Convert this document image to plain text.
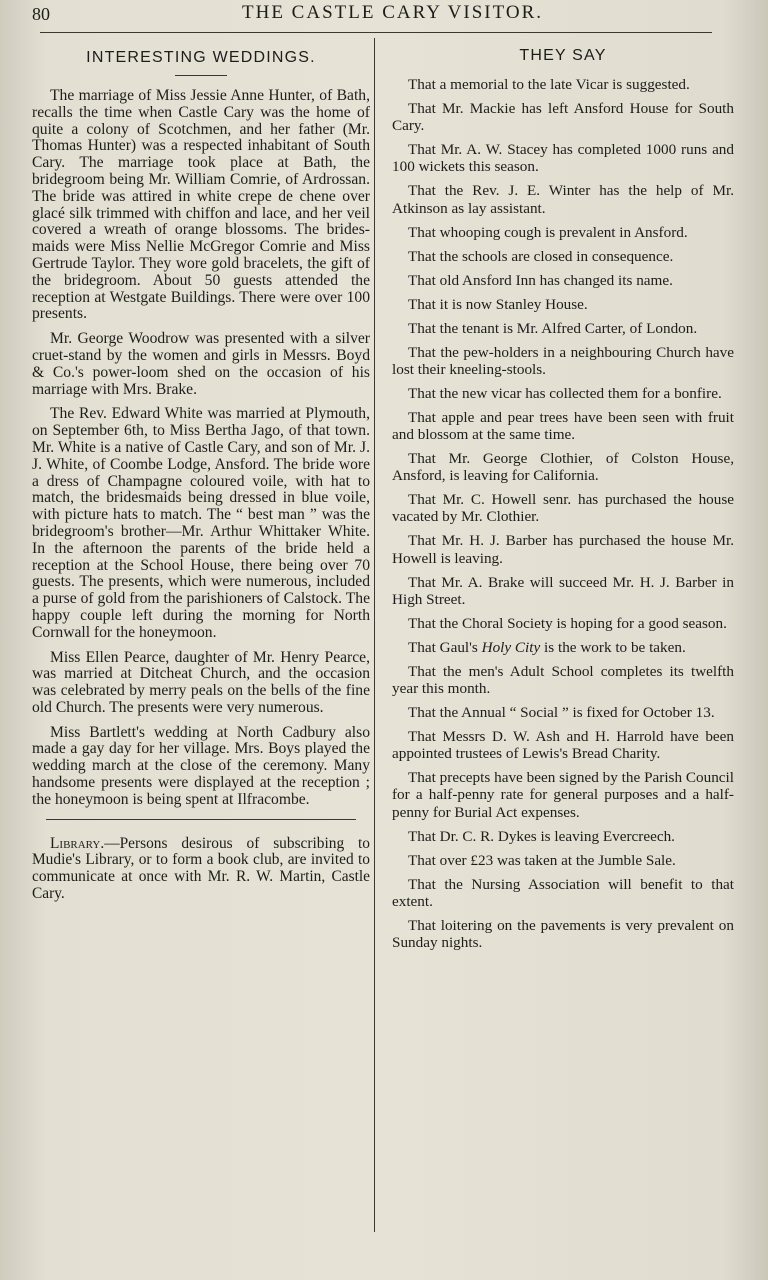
80	THE CASTLE CARY VISITOR.
INTERESTING WEDDINGS.

The marriage of Miss Jessie Anne Hunter, of Bath, recalls the time when Castle Cary was the home of quite a colony of Scotchmen, and her father (Mr. Thomas Hunter) was a respected inhabitant of South Cary. The marriage took place at Bath, the bridegroom being Mr. William Comrie, of Ardrossan. The bride was attired in white crepe de chene over glacé silk trimmed with chiffon and lace, and her veil covered a wreath of orange blossoms. The bridesmaids were Miss Nellie McGregor Comrie and Miss Gertrude Taylor. They wore gold bracelets, the gift of the bridegroom. About 50 guests attended the reception at Westgate Buildings. There were over 100 presents.

Mr. George Woodrow was presented with a silver cruet-stand by the women and girls in Messrs. Boyd & Co.'s power-loom shed on the occasion of his marriage with Mrs. Brake.

The Rev. Edward White was married at Plymouth, on September 6th, to Miss Bertha Jago, of that town. Mr. White is a native of Castle Cary, and son of Mr. J. J. White, of Coombe Lodge, Ansford. The bride wore a dress of Champagne coloured voile, with hat to match, the bridesmaids being dressed in blue voile, with picture hats to match. The “ best man ” was the bridegroom's brother—Mr. Arthur Whittaker White. In the afternoon the parents of the bride held a reception at the School House, there being over 70 guests. The presents, which were numerous, included a purse of gold from the parishioners of Calstock. The happy couple left during the morning for North Cornwall for the honeymoon.

Miss Ellen Pearce, daughter of Mr. Henry Pearce, was married at Ditcheat Church, and the occasion was celebrated by merry peals on the bells of the fine old Church. The presents were very numerous.

Miss Bartlett's wedding at North Cadbury also made a gay day for her village. Mrs. Boys played the wedding march at the close of the ceremony. Many handsome presents were displayed at the reception ; the honeymoon is being spent at Ilfracombe.

Library.—Persons desirous of subscribing to Mudie's Library, or to form a book club, are invited to communicate at once with Mr. R. W. Martin, Castle Cary.

THEY SAY

That a memorial to the late Vicar is suggested.

That Mr. Mackie has left Ansford House for South Cary.

That Mr. A. W. Stacey has completed 1000 runs and 100 wickets this season.

That the Rev. J. E. Winter has the help of Mr. Atkinson as lay assistant.

That whooping cough is prevalent in Ansford.

That the schools are closed in consequence.

That old Ansford Inn has changed its name.

That it is now Stanley House.

That the tenant is Mr. Alfred Carter, of London.

That the pew-holders in a neighbouring Church have lost their kneeling-stools.

That the new vicar has collected them for a bonfire.

That apple and pear trees have been seen with fruit and blossom at the same time.

That Mr. George Clothier, of Colston House, Ansford, is leaving for California.

That Mr. C. Howell senr. has purchased the house vacated by Mr. Clothier.

That Mr. H. J. Barber has purchased the house Mr. Howell is leaving.

That Mr. A. Brake will succeed Mr. H. J. Barber in High Street.

That the Choral Society is hoping for a good season.

That Gaul's Holy City is the work to be taken.

That the men's Adult School completes its twelfth year this month.

That the Annual “ Social ” is fixed for October 13.

That Messrs D. W. Ash and H. Harrold have been appointed trustees of Lewis's Bread Charity.

That precepts have been signed by the Parish Council for a half-penny rate for general purposes and a half-penny for Burial Act expenses.

That Dr. C. R. Dykes is leaving Evercreech.

That over £23 was taken at the Jumble Sale.

That the Nursing Association will benefit to that extent.

That loitering on the pavements is very prevalent on Sunday nights.
